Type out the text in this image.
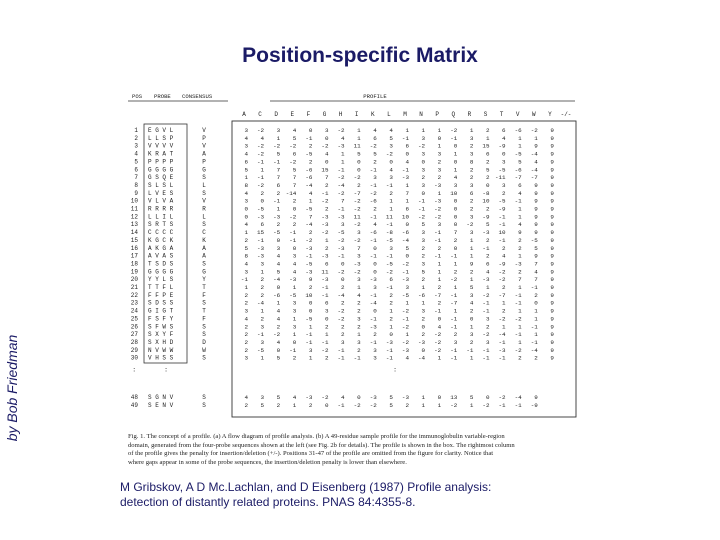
Position-specific Matrix
by Bob Friedman
POS PROBE CONSENSUS	PROFILE
A C D E F G H I K L M N P Q R S T V W Y -/-
1 E G V L	V	3 -2 3 4 0 3 -2 1 4 4 1 1 1 -2 1 2 6 -6 -2 9
2 L L S P	P	4 4 1 5 -1 0 4 1 6 5 -1 3 0 -1 3 1 4 1 1 9
3 V V V V	V	3 -2 -2 -2 2 -2 -3 11 -2 3 6 -2 1 0 2 15 -9 1 9 9
4 K R A T	A	4 -2 5 6 -5 4 1 5 5 -2 0 3 3 1 3 6 0 -5 -4 9
5 P P P P	P	6 -1 -1 -2 2 0 1 0 2 0 4 0 2 0 8 2 3 5 4 9
6 G G G G	G	5 1 7 5 -6 15 -1 0 -1 4 -1 3 3 1 2 5 -5 -6 -4 9
7 G S Q E	S	1 -1 7 7 -6 7 -2 -2 3 3 -3 2 2 4 2 2 -11 -7 -7 9
8 S L S L	L	8 -2 6 7 -4 2 -4 2 -1 -1 1 3 -3 3 3 0 3 6 9 9
9 L V E S	S	4 2 2 -14 4 -1 -2 -7 -2 2 7 0 1 10 6 -8 2 4 9 9
10 V L V A	V	3 0 -1 2 1 -2 7 -2 -6 1 1 -1 -3 0 2 10 -5 -1 9 9
11 R R R R	R	0 -5 1 0 -5 2 -1 -2 2 1 6 -1 -2 0 2 2 -9 1 9 9
12 L L I L	L	0 -3 -3 -2 7 -3 -3 11 -1 11 10 -2 -2 0 3 -9 -1 1 9 9
13 S R T S	S	4 6 2 2 -4 -3 3 -2 4 -1 0 5 3 0 -2 5 -1 4 9 9
14 C C C C	C	1 15 -5 -1 2 -2 -5 3 -6 -8 -6 3 -1 7 3 -3 10 9 9 9
15 K G C K	K	2 -1 0 -1 -2 1 -2 -2 -1 -5 -4 3 -1 2 1 2 -1 2 -5 9
16 A K G A	A	5 -3 3 0 -3 2 -3 7 0 3 5 2 2 0 1 -1 2 2 5 9
17 A V A S	A	8 -3 4 3 -1 -3 -1 3 -1 -1 0 2 -1 -1 1 2 4 1 9 9
18 T S D S	S	4 3 4 4 -5 6 0 -3 0 -5 -2 3 1 1 9 6 -9 -3 7 9
19 G G G G	G	3 1 5 4 -3 11 -2 -2 0 -2 -1 5 1 2 2 4 -2 2 4 9
20 Y Y L S	Y	-1 2 -4 -3 9 -3 0 3 -3 6 -3 2 1 -2 1 -3 -2 7 7 9
21 T T F L	T	1 2 0 1 2 -1 2 1 3 -1 3 1 2 1 5 1 2 1 -1 9
22 F F P E	F	2 2 -6 -5 10 -1 -4 4 -1 2 -5 -6 -7 -1 3 -2 -7 -1 2 9
23 S D S S	S	2 -4 1 3 0 6 2 2 -4 2 1 1 2 -7 4 -1 1 -1 0 9
24 G I G T	T	3 1 4 3 0 3 -2 2 0 1 -2 3 -1 1 2 -1 2 1 1 9
25 F S F Y	F	4 2 4 1 -5 0 -2 3 -1 2 -1 2 0 -1 0 3 -2 -2 1 9
26 S F W S	S	2 3 2 3 1 2 2 2 -3 1 -2 0 4 -1 1 2 1 1 -1 9
27 S X Y F	S	2 -1 -2 1 -1 1 2 1 2 0 1 2 -2 2 3 -2 -4 -1 1 9
28 S X H D	D	2 3 4 0 -1 -1 3 3 -1 -3 -2 -3 -2 3 2 3 -1 1 -1 9
29 N V W W	W	2 -5 0 -1 3 -2 -1 2 3 -1 -3 0 -2 -1 -1 -1 -3 -2 -4 9
30 V H S S	S	3 1 5 2 1 2 -1 -1 3 -1 4 -4 1 -1 1 -1 -1 2 2 9
:	:	:
48 S G N V	S	4 3 5 4 -3 -2 4 0 -3 5 -3 1 0 13 5 0 -2 -4 9
49 S E N V	S	2 5 2 1 2 0 -1 -2 -2 5 2 1 1 -2 1 -2 -1 -1 -9
Fig. 1. The concept of a profile. (a) A flow diagram of profile analysis. (b) A 49-residue sample profile for the immunoglobulin variable-region
domain, generated from the four-probe sequences shown at the left (see Fig. 2b for details). The profile is shown in the box. The rightmost column
of the profile gives the penalty for insertion/deletion (+/-). Positions 31-47 of the profile are omitted from the figure for clarity. Notice that
where gaps appear in some of the probe sequences, the insertion/deletion penalty is lower than elsewhere.
M Gribskov, A D Mc.Lachlan, and D Eisenberg (1987) Profile analysis:
detection of distantly related proteins. PNAS 84:4355-8.
